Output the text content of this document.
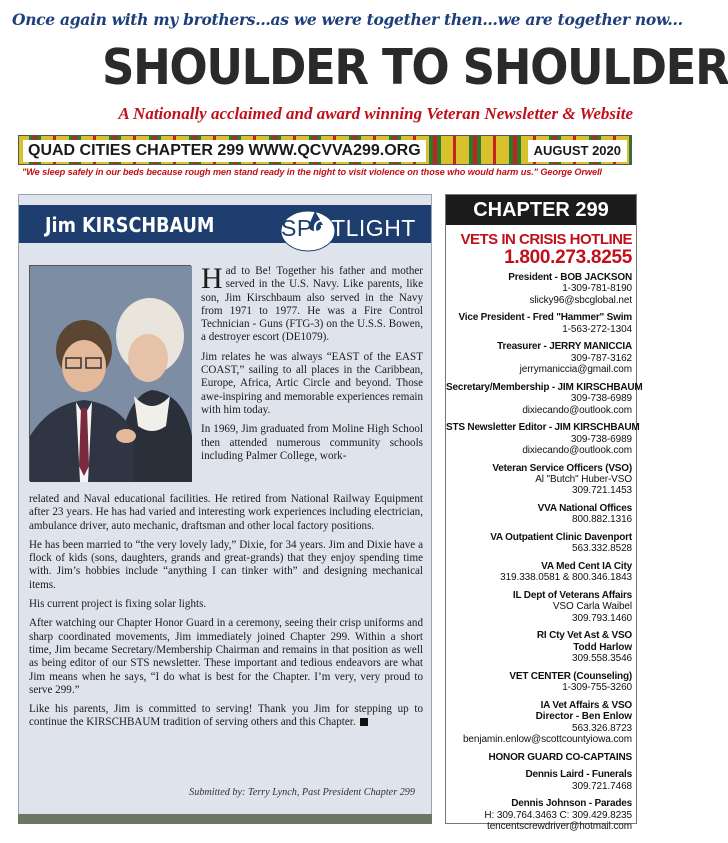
Once again with my brothers...as we were together then...we are together now...
SHOULDER TO SHOULDER
A Nationally acclaimed and award winning Veteran Newsletter & Website
QUAD CITIES CHAPTER 299 WWW.QCVVA299.ORG	AUGUST 2020
"We sleep safely in our beds because rough men stand ready in the night to visit violence on those who would harm us." George Orwell
Jim KIRSCHBAUM	SPOTLIGHT

Had to Be! Together his father and mother served in the U.S. Navy. Like parents, like son, Jim Kirschbaum also served in the Navy from 1971 to 1977. He was a Fire Control Technician - Guns (FTG-3) on the U.S.S. Bowen, a destroyer escort (DE1079).

Jim relates he was always “EAST of the EAST COAST,” sailing to all places in the Caribbean, Europe, Africa, Artic Circle and beyond. Those awe-inspiring and memorable experiences remain with him today.

In 1969, Jim graduated from Moline High School then attended numerous community schools including Palmer College, work-

related and Naval educational facilities. He retired from National Railway Equipment after 23 years. He has had varied and interesting work experiences including electrician, ambulance driver, auto mechanic, draftsman and other local factory positions.

He has been married to “the very lovely lady,” Dixie, for 34 years. Jim and Dixie have a flock of kids (sons, daughters, grands and great-grands) that they enjoy spending time with. Jim’s hobbies include “anything I can tinker with” and designing mechanical items.

His current project is fixing solar lights.

After watching our Chapter Honor Guard in a ceremony, seeing their crisp uniforms and sharp coordinated movements, Jim immediately joined Chapter 299. Within a short time, Jim became Secretary/Membership Chairman and remains in that position as well as being editor of our STS newsletter. These important and tedious endeavors are what Jim means when he says, “I do what is best for the Chapter. I’m very, very proud to serve 299.”

Like his parents, Jim is committed to serving! Thank you Jim for stepping up to continue the KIRSCHBAUM tradition of serving others and this Chapter.

Submitted by: Terry Lynch, Past President Chapter 299
CHAPTER 299
VETS IN CRISIS HOTLINE
1.800.273.8255
President - BOB JACKSON
1-309-781-8190
slicky96@sbcglobal.net
Vice President - Fred "Hammer" Swim
1-563-272-1304
Treasurer - JERRY MANICCIA
309-787-3162
jerrymaniccia@gmail.com
Secretary/Membership - JIM KIRSCHBAUM
309-738-6989
dixiecando@outlook.com
STS Newsletter Editor - JIM KIRSCHBAUM
309-738-6989
dixiecando@outlook.com
Veteran Service Officers (VSO)
Al "Butch" Huber-VSO
309.721.1453
VVA National Offices
800.882.1316
VA Outpatient Clinic Davenport
563.332.8528
VA Med Cent IA City
319.338.0581 & 800.346.1843
IL Dept of Veterans Affairs
VSO Carla Waibel
309.793.1460
RI Cty Vet Ast & VSO
Todd Harlow
309.558.3546
VET CENTER (Counseling)
1-309-755-3260
IA Vet Affairs & VSO
Director - Ben Enlow
563.326.8723
benjamin.enlow@scottcountyiowa.com
HONOR GUARD CO-CAPTAINS
Dennis Laird - Funerals
309.721.7468
Dennis Johnson - Parades
H: 309.764.3463 C: 309.429.8235
tencentscrewdriver@hotmail.com
